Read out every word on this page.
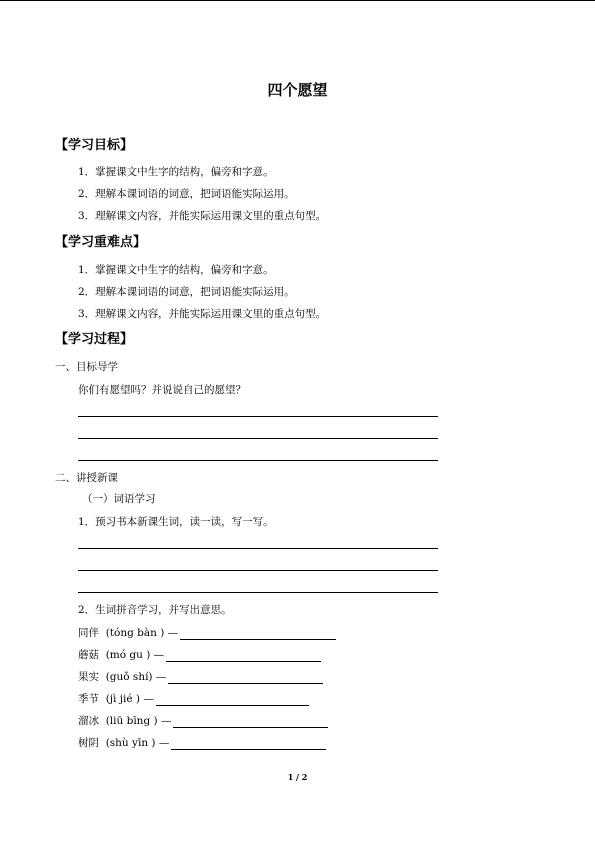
四个愿望
【学习目标】
1．掌握课文中生字的结构，偏旁和字意。
2．理解本课词语的词意，把词语能实际运用。
3．理解课文内容，并能实际运用课文里的重点句型。
【学习重难点】
1．掌握课文中生字的结构，偏旁和字意。
2．理解本课词语的词意，把词语能实际运用。
3．理解课文内容，并能实际运用课文里的重点句型。
【学习过程】
一、目标导学
你们有愿望吗？并说说自己的愿望？
二、讲授新课
（一）词语学习
1．预习书本新课生词，读一读，写一写。
2．生词拼音学习，并写出意思。
同伴 (tóng bàn ) —
蘑菇 (mó gu ) —
果实 (guǒ shí) —
季节 (jì jié ) —
溜冰 (liū bīng ) —
树阴 (shù yīn ) —
1 / 2
